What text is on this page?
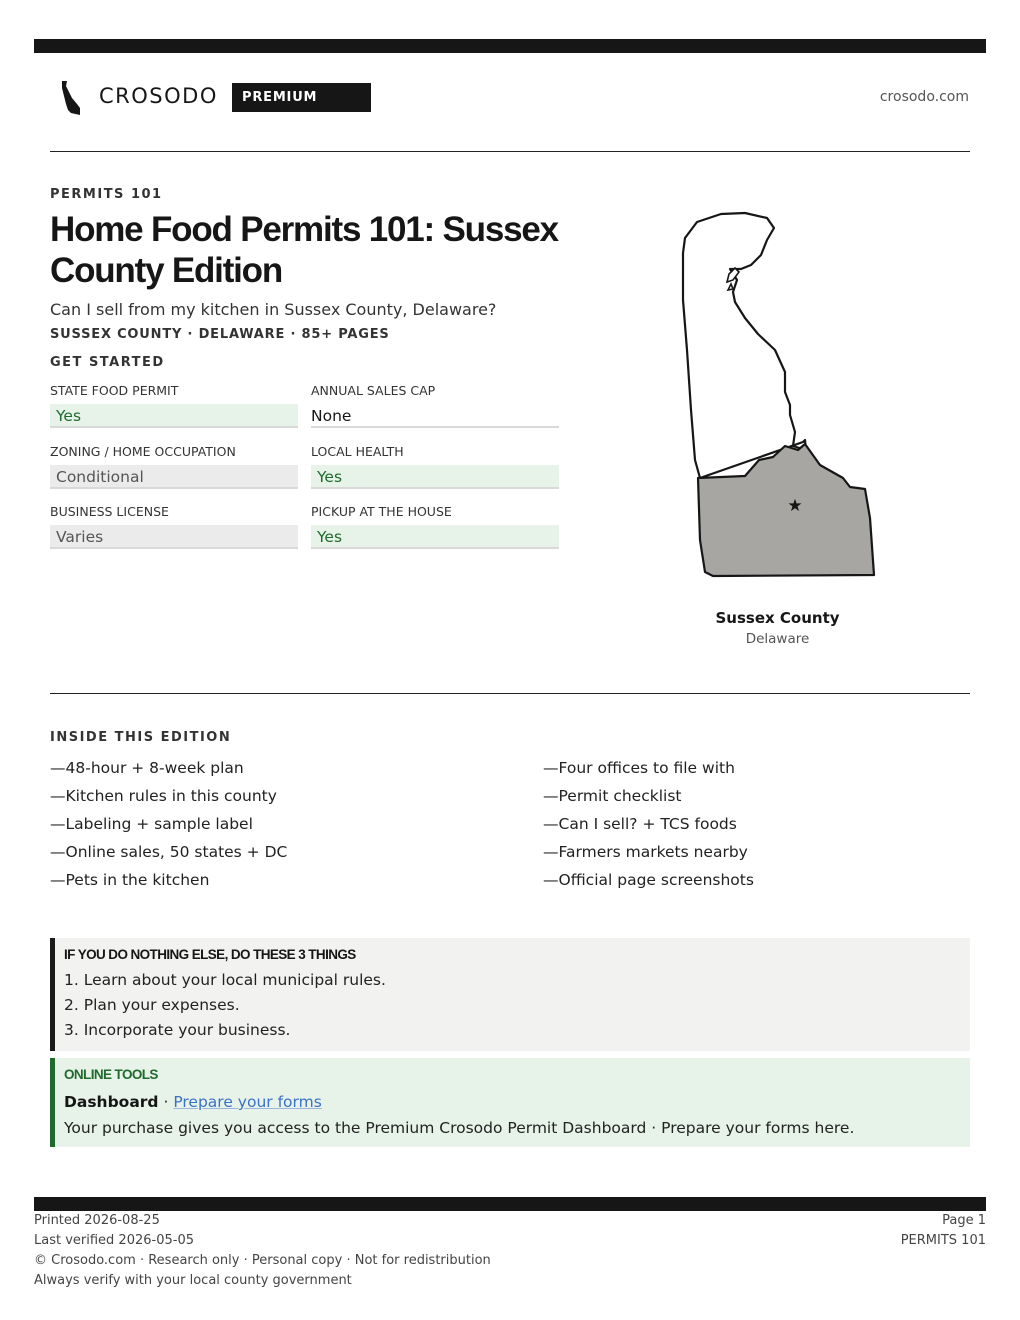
CROSODO	PREMIUM	crosodo.com
PERMITS 101
Home Food Permits 101: Sussex County Edition
Can I sell from my kitchen in Sussex County, Delaware?
SUSSEX COUNTY · DELAWARE · 85+ PAGES
GET STARTED
STATE FOOD PERMIT
Yes
ANNUAL SALES CAP
None
ZONING / HOME OCCUPATION
Conditional
LOCAL HEALTH
Yes
BUSINESS LICENSE
Varies
PICKUP AT THE HOUSE
Yes
★
Sussex County
Delaware
INSIDE THIS EDITION
—48-hour + 8-week plan
—Kitchen rules in this county
—Labeling + sample label
—Online sales, 50 states + DC
—Pets in the kitchen
—Four offices to file with
—Permit checklist
—Can I sell? + TCS foods
—Farmers markets nearby
—Official page screenshots
IF YOU DO NOTHING ELSE, DO THESE 3 THINGS
1. Learn about your local municipal rules.
2. Plan your expenses.
3. Incorporate your business.
ONLINE TOOLS
Dashboard · Prepare your forms
Your purchase gives you access to the Premium Crosodo Permit Dashboard · Prepare your forms here.
Printed 2026-08-25
Last verified 2026-05-05
© Crosodo.com · Research only · Personal copy · Not for redistribution
Always verify with your local county government
Page 1
PERMITS 101
